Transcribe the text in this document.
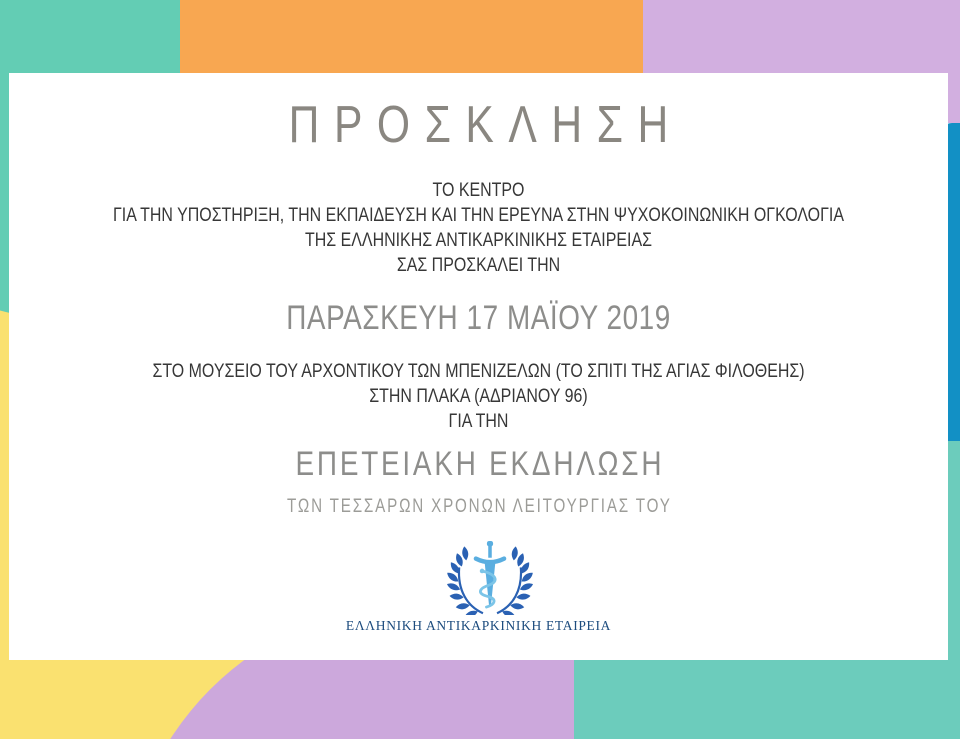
ΠΡΟΣΚΛΗΣΗ
ΤΟ ΚΕΝΤΡΟ
ΓΙΑ ΤΗΝ ΥΠΟΣΤΗΡΙΞΗ, ΤΗΝ ΕΚΠΑΙΔΕΥΣΗ ΚΑΙ ΤΗΝ ΕΡΕΥΝΑ ΣΤΗΝ ΨΥΧΟΚΟΙΝΩΝΙΚΗ ΟΓΚΟΛΟΓΙΑ
ΤΗΣ ΕΛΛΗΝΙΚΗΣ ΑΝΤΙΚΑΡΚΙΝΙΚΗΣ ΕΤΑΙΡΕΙΑΣ
ΣΑΣ ΠΡΟΣΚΑΛΕΙ ΤΗΝ
ΠΑΡΑΣΚΕΥΗ 17 ΜΑΪΟΥ 2019
ΣΤΟ ΜΟΥΣΕΙΟ ΤΟΥ ΑΡΧΟΝΤΙΚΟΥ ΤΩΝ ΜΠΕΝΙΖΕΛΩΝ (ΤΟ ΣΠΙΤΙ ΤΗΣ ΑΓΙΑΣ ΦΙΛΟΘΕΗΣ)
ΣΤΗΝ ΠΛΑΚΑ (ΑΔΡΙΑΝΟΥ 96)
ΓΙΑ ΤΗΝ
ΕΠΕΤΕΙΑΚΗ ΕΚΔΗΛΩΣΗ
ΤΩΝ ΤΕΣΣΑΡΩΝ ΧΡΟΝΩΝ ΛΕΙΤΟΥΡΓΙΑΣ ΤΟΥ
ΕΛΛΗΝΙΚΗ ΑΝΤΙΚΑΡΚΙΝΙΚΗ ΕΤΑΙΡΕΙΑ
